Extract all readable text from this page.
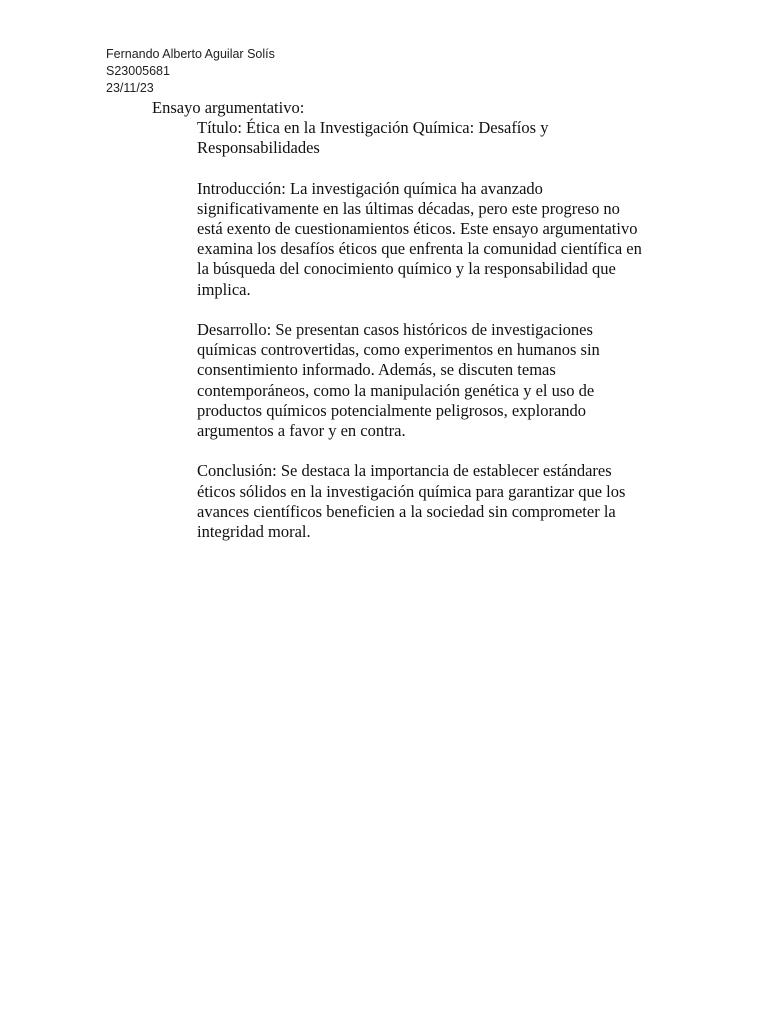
Fernando Alberto Aguilar Solís
S23005681
23/11/23
Ensayo argumentativo:
Título: Ética en la Investigación Química: Desafíos y
Responsabilidades
Introducción: La investigación química ha avanzado
significativamente en las últimas décadas, pero este progreso no
está exento de cuestionamientos éticos. Este ensayo argumentativo
examina los desafíos éticos que enfrenta la comunidad científica en
la búsqueda del conocimiento químico y la responsabilidad que
implica.
Desarrollo: Se presentan casos históricos de investigaciones
químicas controvertidas, como experimentos en humanos sin
consentimiento informado. Además, se discuten temas
contemporáneos, como la manipulación genética y el uso de
productos químicos potencialmente peligrosos, explorando
argumentos a favor y en contra.
Conclusión: Se destaca la importancia de establecer estándares
éticos sólidos en la investigación química para garantizar que los
avances científicos beneficien a la sociedad sin comprometer la
integridad moral.
